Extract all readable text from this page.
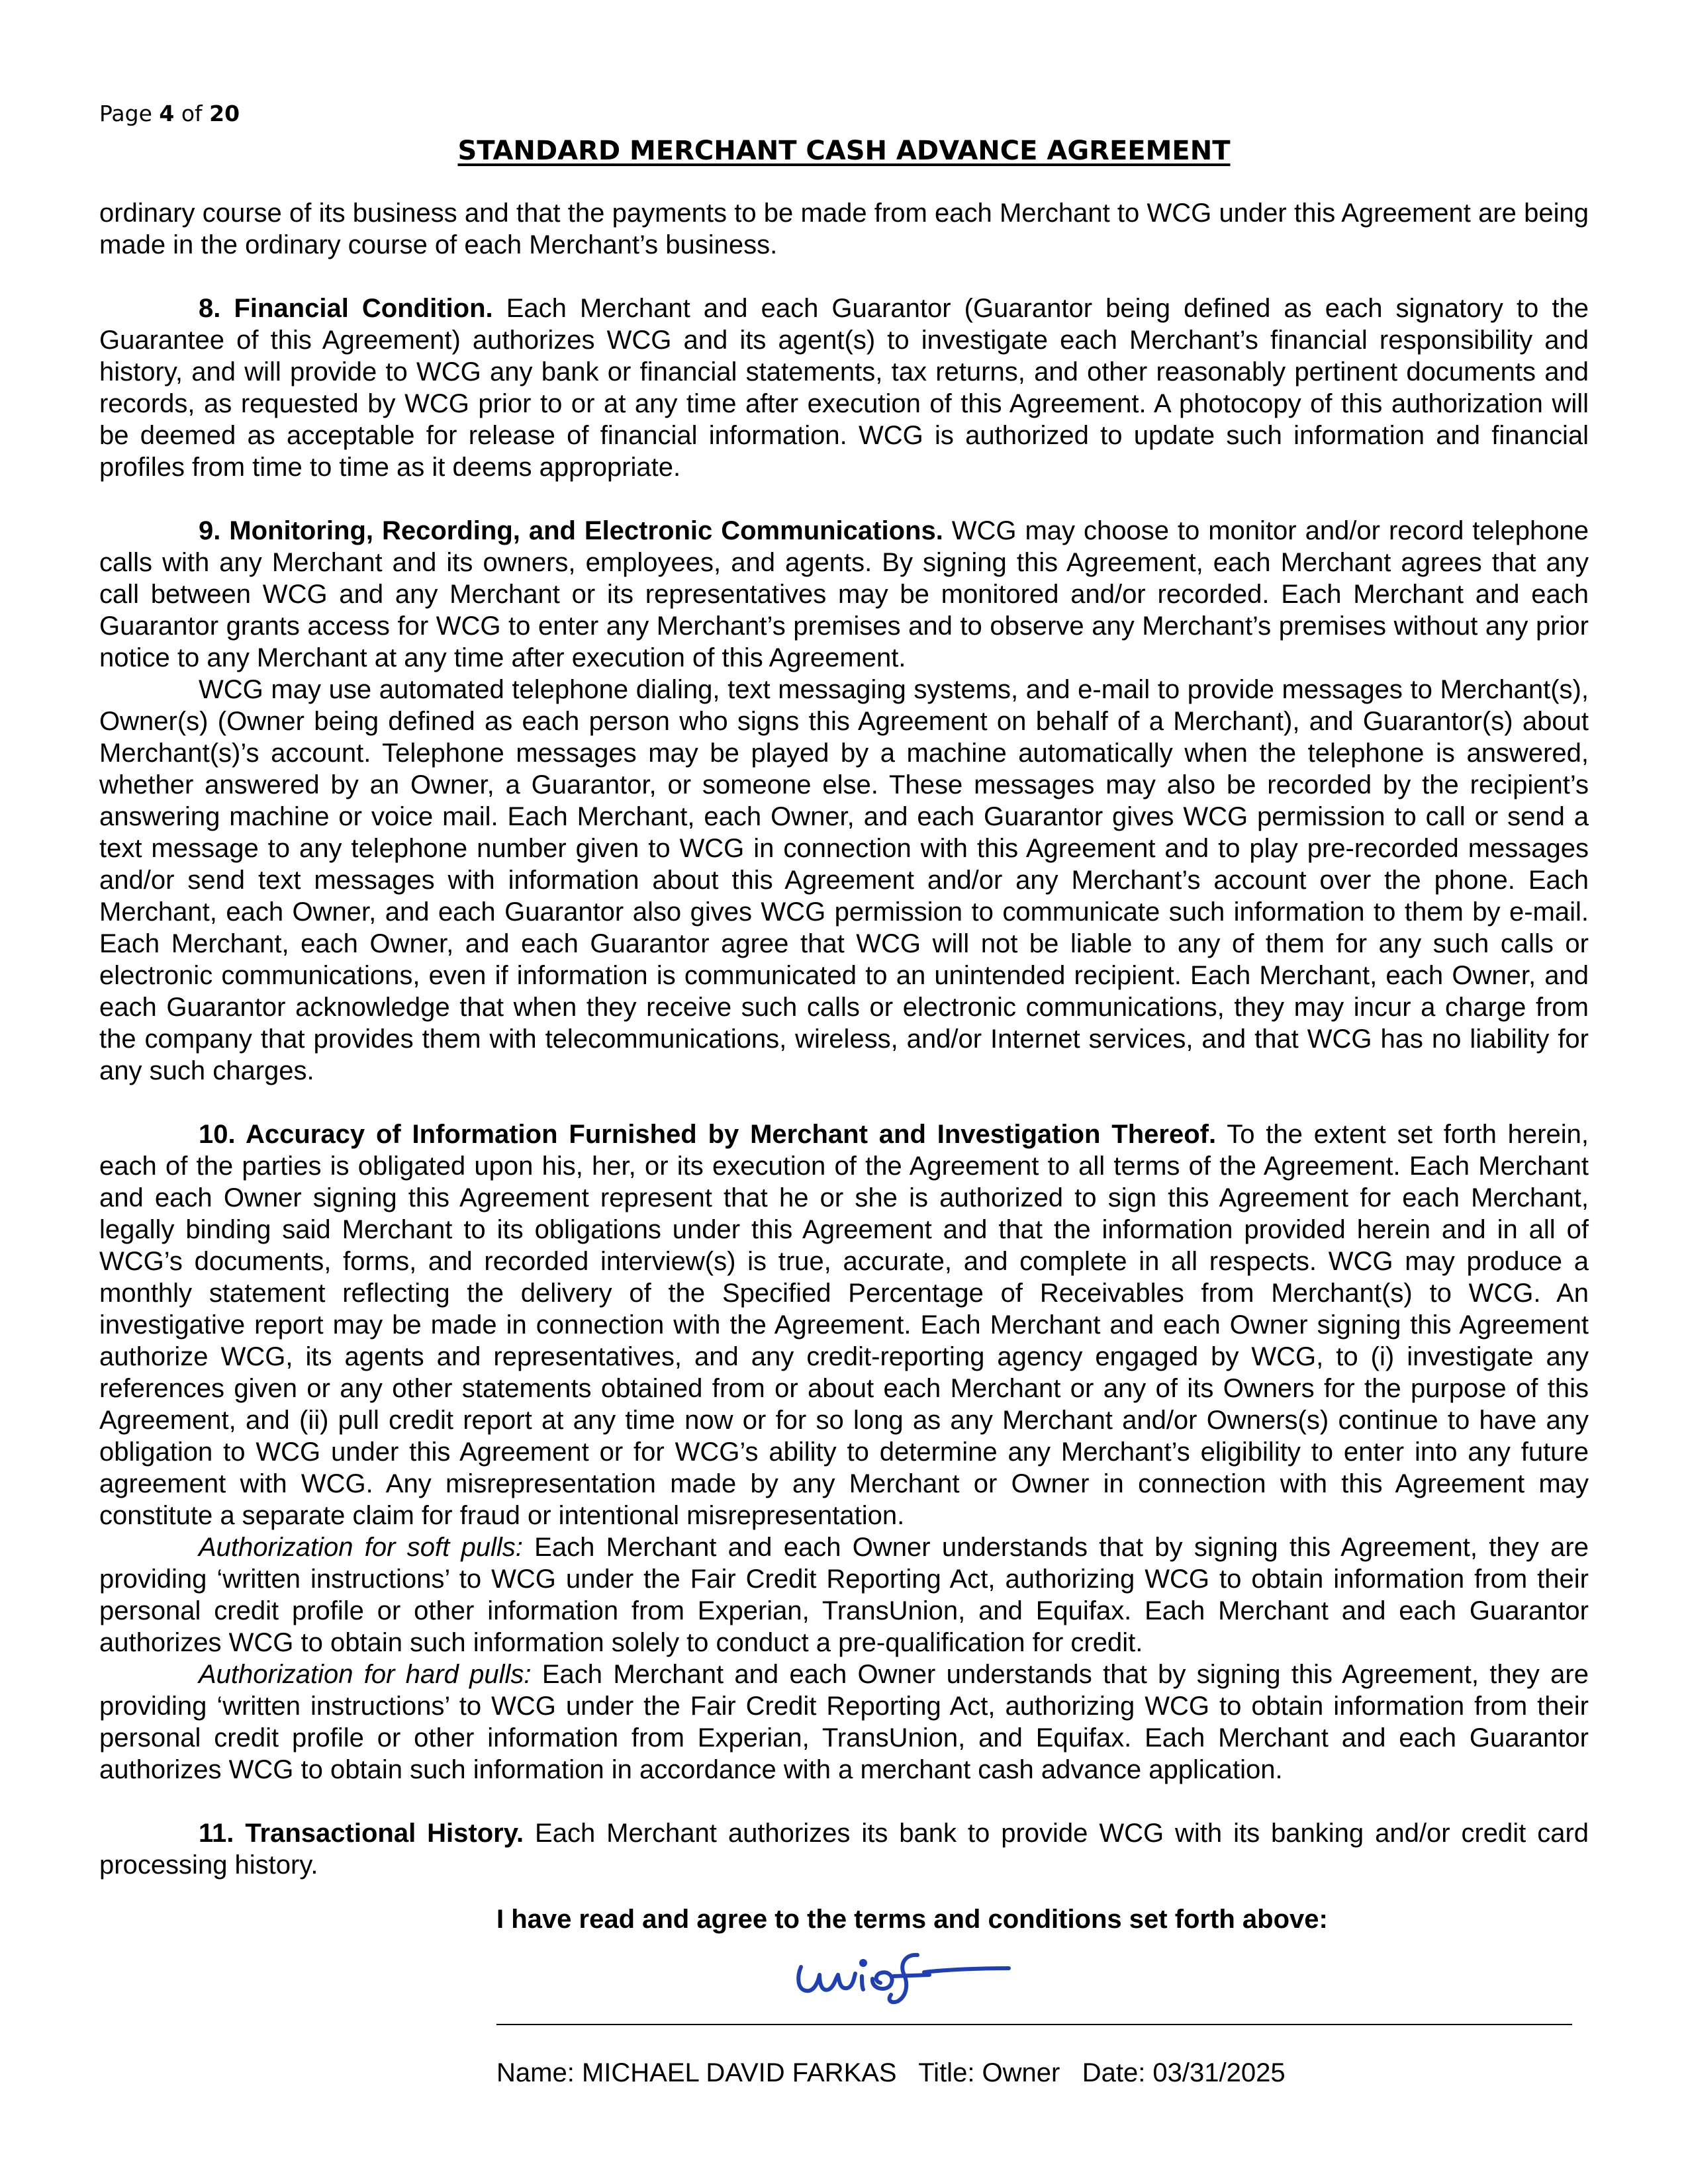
Page 4 of 20
STANDARD MERCHANT CASH ADVANCE AGREEMENT

ordinary course of its business and that the payments to be made from each Merchant to WCG under this Agreement are being made in the ordinary course of each Merchant’s business.

8. Financial Condition. Each Merchant and each Guarantor (Guarantor being defined as each signatory to the Guarantee of this Agreement) authorizes WCG and its agent(s) to investigate each Merchant’s financial responsibility and history, and will provide to WCG any bank or financial statements, tax returns, and other reasonably pertinent documents and records, as requested by WCG prior to or at any time after execution of this Agreement. A photocopy of this authorization will be deemed as acceptable for release of financial information. WCG is authorized to update such information and financial profiles from time to time as it deems appropriate.

9. Monitoring, Recording, and Electronic Communications. WCG may choose to monitor and/or record telephone calls with any Merchant and its owners, employees, and agents. By signing this Agreement, each Merchant agrees that any call between WCG and any Merchant or its representatives may be monitored and/or recorded. Each Merchant and each Guarantor grants access for WCG to enter any Merchant’s premises and to observe any Merchant’s premises without any prior notice to any Merchant at any time after execution of this Agreement.

WCG may use automated telephone dialing, text messaging systems, and e-mail to provide messages to Merchant(s), Owner(s) (Owner being defined as each person who signs this Agreement on behalf of a Merchant), and Guarantor(s) about Merchant(s)’s account. Telephone messages may be played by a machine automatically when the telephone is answered, whether answered by an Owner, a Guarantor, or someone else. These messages may also be recorded by the recipient’s answering machine or voice mail. Each Merchant, each Owner, and each Guarantor gives WCG permission to call or send a text message to any telephone number given to WCG in connection with this Agreement and to play pre-recorded messages and/or send text messages with information about this Agreement and/or any Merchant’s account over the phone. Each Merchant, each Owner, and each Guarantor also gives WCG permission to communicate such information to them by e-mail. Each Merchant, each Owner, and each Guarantor agree that WCG will not be liable to any of them for any such calls or electronic communications, even if information is communicated to an unintended recipient. Each Merchant, each Owner, and each Guarantor acknowledge that when they receive such calls or electronic communications, they may incur a charge from the company that provides them with telecommunications, wireless, and/or Internet services, and that WCG has no liability for any such charges.

10. Accuracy of Information Furnished by Merchant and Investigation Thereof. To the extent set forth herein, each of the parties is obligated upon his, her, or its execution of the Agreement to all terms of the Agreement. Each Merchant and each Owner signing this Agreement represent that he or she is authorized to sign this Agreement for each Merchant, legally binding said Merchant to its obligations under this Agreement and that the information provided herein and in all of WCG’s documents, forms, and recorded interview(s) is true, accurate, and complete in all respects. WCG may produce a monthly statement reflecting the delivery of the Specified Percentage of Receivables from Merchant(s) to WCG. An investigative report may be made in connection with the Agreement. Each Merchant and each Owner signing this Agreement authorize WCG, its agents and representatives, and any credit-reporting agency engaged by WCG, to (i) investigate any references given or any other statements obtained from or about each Merchant or any of its Owners for the purpose of this Agreement, and (ii) pull credit report at any time now or for so long as any Merchant and/or Owners(s) continue to have any obligation to WCG under this Agreement or for WCG’s ability to determine any Merchant’s eligibility to enter into any future agreement with WCG. Any misrepresentation made by any Merchant or Owner in connection with this Agreement may constitute a separate claim for fraud or intentional misrepresentation.

Authorization for soft pulls: Each Merchant and each Owner understands that by signing this Agreement, they are providing ‘written instructions’ to WCG under the Fair Credit Reporting Act, authorizing WCG to obtain information from their personal credit profile or other information from Experian, TransUnion, and Equifax. Each Merchant and each Guarantor authorizes WCG to obtain such information solely to conduct a pre-qualification for credit.

Authorization for hard pulls: Each Merchant and each Owner understands that by signing this Agreement, they are providing ‘written instructions’ to WCG under the Fair Credit Reporting Act, authorizing WCG to obtain information from their personal credit profile or other information from Experian, TransUnion, and Equifax. Each Merchant and each Guarantor authorizes WCG to obtain such information in accordance with a merchant cash advance application.

11. Transactional History. Each Merchant authorizes its bank to provide WCG with its banking and/or credit card processing history.

I have read and agree to the terms and conditions set forth above:
Name: MICHAEL DAVID FARKAS Title: Owner Date: 03/31/2025
